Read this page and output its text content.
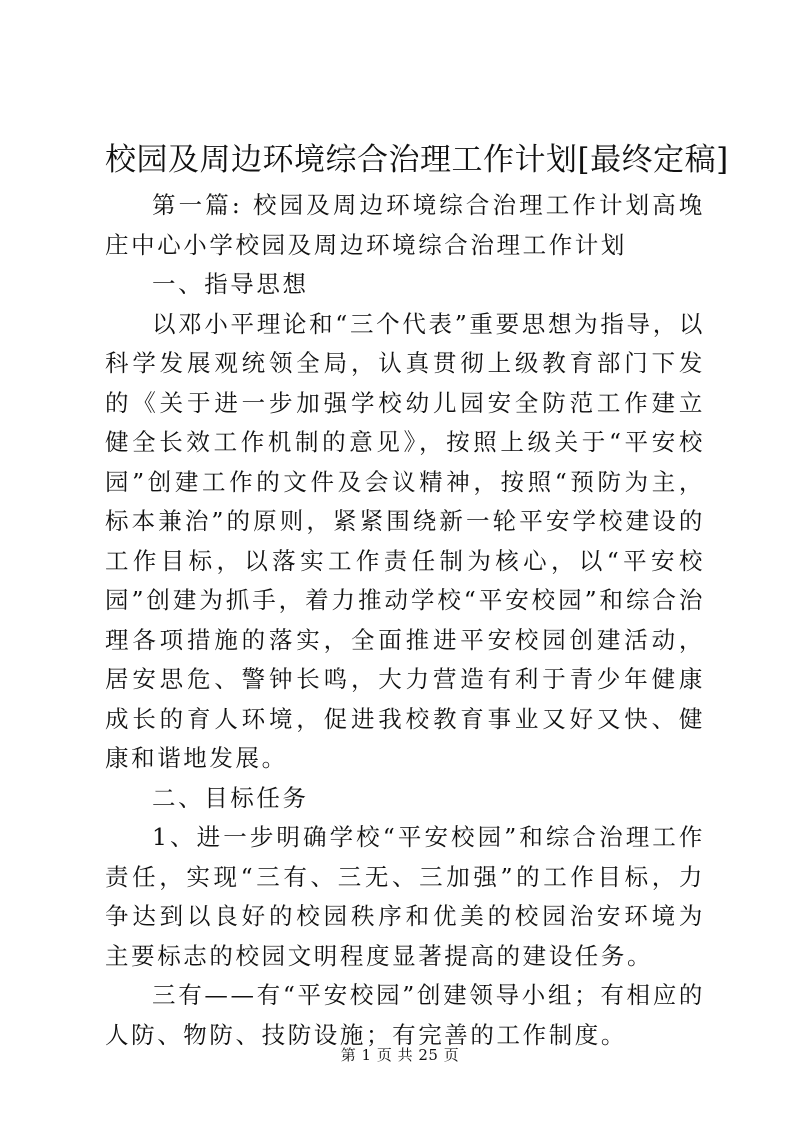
校园及周边环境综合治理工作计划[最终定稿]

第一篇: 校园及周边环境综合治理工作计划高堍庄中心小学校园及周边环境综合治理工作计划

一、指导思想

以邓小平理论和“三个代表”重要思想为指导，以科学发展观统领全局，认真贯彻上级教育部门下发的《关于进一步加强学校幼儿园安全防范工作建立健全长效工作机制的意见》，按照上级关于“平安校园”创建工作的文件及会议精神，按照“预防为主，标本兼治”的原则，紧紧围绕新一轮平安学校建设的工作目标，以落实工作责任制为核心，以“平安校园”创建为抓手，着力推动学校“平安校园”和综合治理各项措施的落实，全面推进平安校园创建活动，居安思危、警钟长鸣，大力营造有利于青少年健康成长的育人环境，促进我校教育事业又好又快、健康和谐地发展。

二、目标任务

1、进一步明确学校“平安校园”和综合治理工作责任，实现“三有、三无、三加强”的工作目标，力争达到以良好的校园秩序和优美的校园治安环境为主要标志的校园文明程度显著提高的建设任务。

三有——有“平安校园”创建领导小组；有相应的人防、物防、技防设施；有完善的工作制度。

第 1 页 共 25 页
